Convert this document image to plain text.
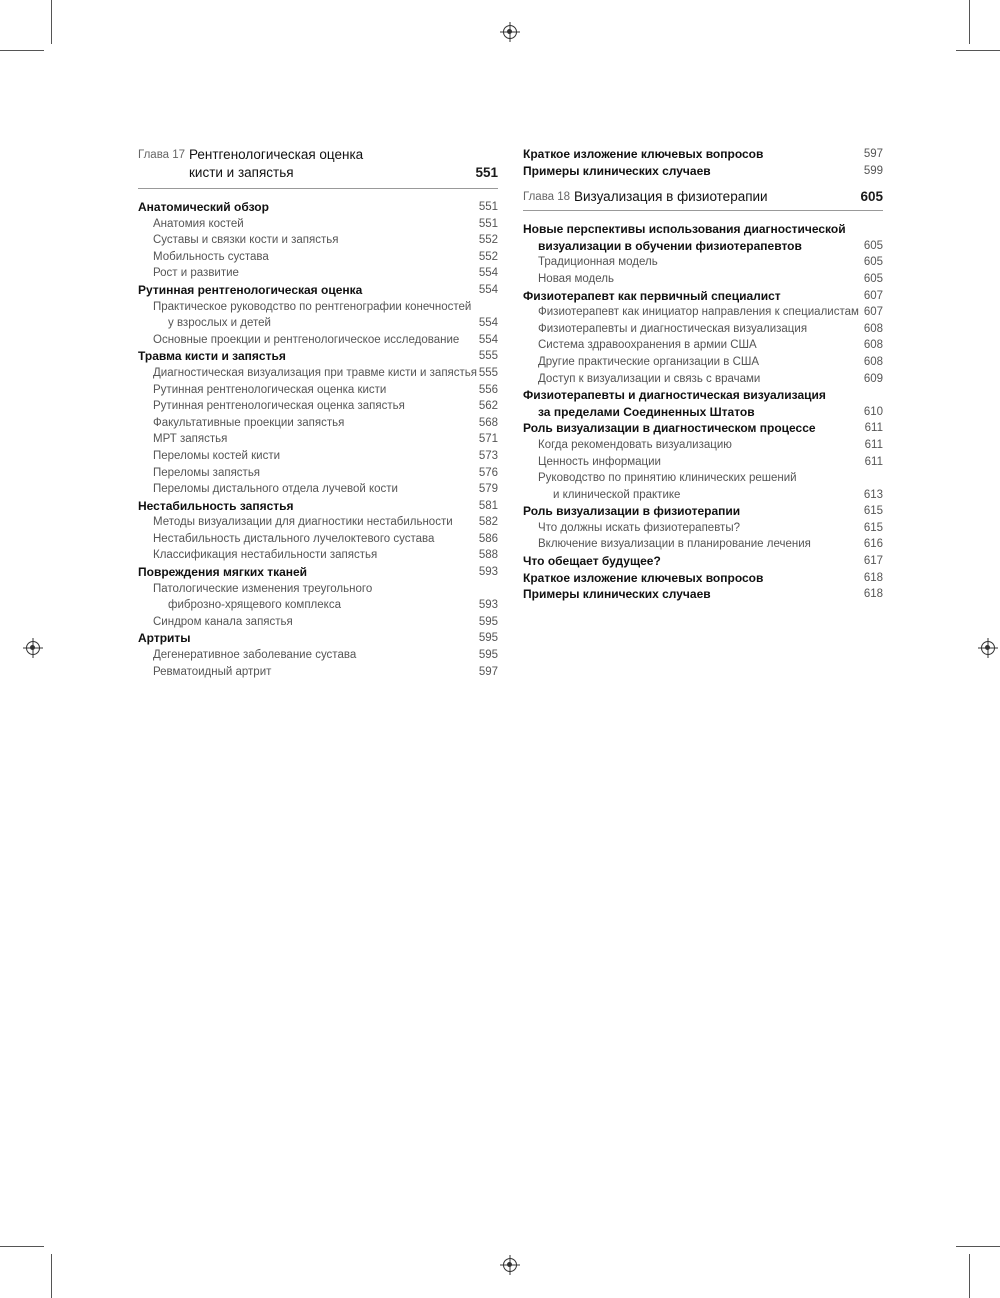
Глава 17 Рентгенологическая оценка
кисти и запястья	551
Анатомический обзор	551
Анатомия костей	551
Суставы и связки кости и запястья	552
Мобильность сустава	552
Рост и развитие	554
Рутинная рентгенологическая оценка	554
Практическое руководство по рентгенографии конечностей
у взрослых и детей	554
Основные проекции и рентгенологическое исследование 554
Травма кисти и запястья	555
Диагностическая визуализация при травме кисти и запястья 555
Рутинная рентгенологическая оценка кисти	556
Рутинная рентгенологическая оценка запястья	562
Факультативные проекции запястья	568
МРТ запястья	571
Переломы костей кисти	573
Переломы запястья	576
Переломы дистального отдела лучевой кости	579
Нестабильность запястья	581
Методы визуализации для диагностики нестабильности 582
Нестабильность дистального лучелоктевого сустава	586
Классификация нестабильности запястья	588
Повреждения мягких тканей	593
Патологические изменения треугольного
фиброзно-хрящевого комплекса	593
Синдром канала запястья	595
Артриты	595
Дегенеративное заболевание сустава	595
Ревматоидный артрит	597
Краткое изложение ключевых вопросов	597
Примеры клинических случаев	599
Глава 18 Визуализация в физиотерапии	605
Новые перспективы использования диагностической
визуализации в обучении физиотерапевтов	605
Традиционная модель	605
Новая модель	605
Физиотерапевт как первичный специалист	607
Физиотерапевт как инициатор направления к специалистам 607
Физиотерапевты и диагностическая визуализация	608
Система здравоохранения в армии США	608
Другие практические организации в США	608
Доступ к визуализации и связь с врачами	609
Физиотерапевты и диагностическая визуализация
за пределами Соединенных Штатов	610
Роль визуализации в диагностическом процессе	611
Когда рекомендовать визуализацию	611
Ценность информации	611
Руководство по принятию клинических решений
и клинической практике	613
Роль визуализации в физиотерапии	615
Что должны искать физиотерапевты?	615
Включение визуализации в планирование лечения	616
Что обещает будущее?	617
Краткое изложение ключевых вопросов	618
Примеры клинических случаев	618
